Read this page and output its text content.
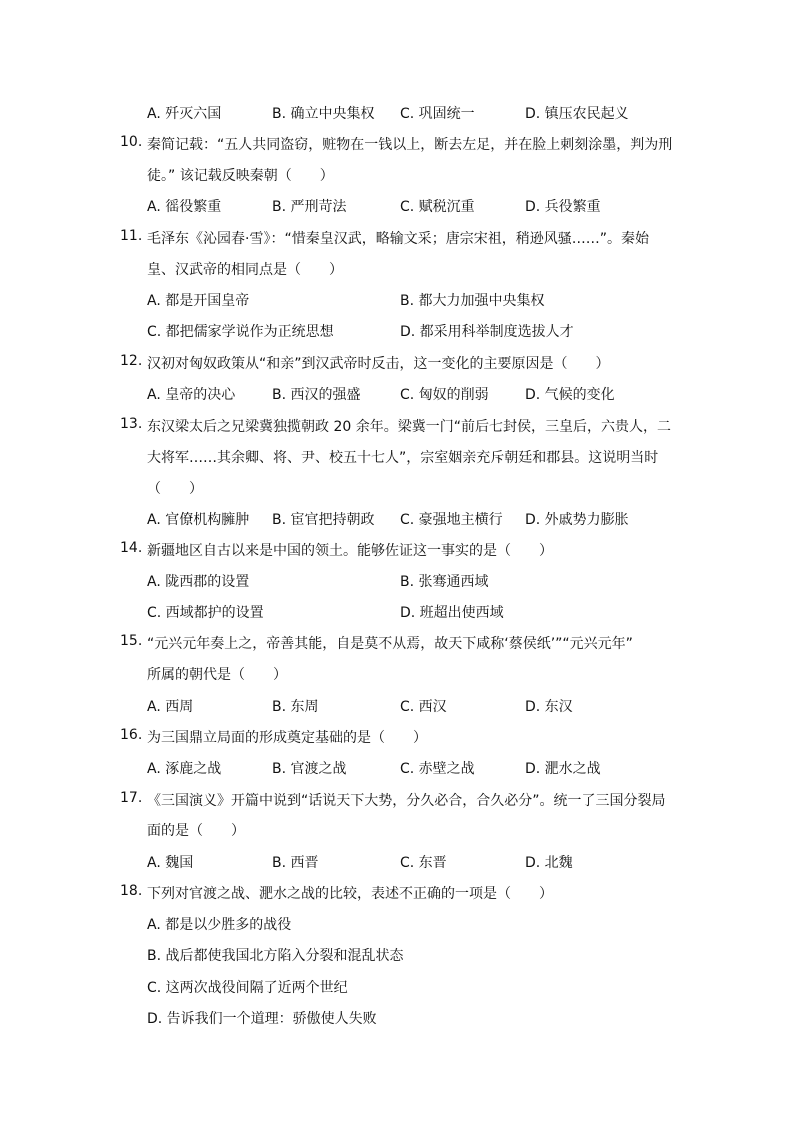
A. 歼灭六国	B. 确立中央集权 C. 巩固统一	D. 镇压农民起义
10. 秦简记载：“五人共同盗窃，赃物在一钱以上，断去左足，并在脸上刺刻涂墨，判为刑
徒。” 该记载反映秦朝（　　）
A. 徭役繁重	B. 严刑苛法	C. 赋税沉重	D. 兵役繁重
11. 毛泽东《沁园春·雪》：“惜秦皇汉武，略输文采；唐宗宋祖，稍逊风骚……”。秦始
皇、汉武帝的相同点是（　　）
A. 都是开国皇帝	B. 都大力加强中央集权
C. 都把儒家学说作为正统思想	D. 都采用科举制度选拔人才
12. 汉初对匈奴政策从“和亲”到汉武帝时反击，这一变化的主要原因是（　　）
A. 皇帝的决心	B. 西汉的强盛	C. 匈奴的削弱	D. 气候的变化
13. 东汉梁太后之兄梁冀独揽朝政 20 余年。梁冀一门“前后七封侯，三皇后，六贵人，二
大将军……其余卿、将、尹、校五十七人”，宗室姻亲充斥朝廷和郡县。这说明当时
（　　）
A. 官僚机构臃肿 B. 宦官把持朝政 C. 豪强地主横行 D. 外戚势力膨胀
14. 新疆地区自古以来是中国的领土。能够佐证这一事实的是（　　）
A. 陇西郡的设置	B. 张骞通西域
C. 西域都护的设置	D. 班超出使西域
15. “元兴元年奏上之，帝善其能，自是莫不从焉，故天下咸称‘蔡侯纸’”“元兴元年”
所属的朝代是（　　）
A. 西周	B. 东周	C. 西汉	D. 东汉
16. 为三国鼎立局面的形成奠定基础的是（　　）
A. 涿鹿之战	B. 官渡之战	C. 赤壁之战	D. 淝水之战
17. 《三国演义》开篇中说到“话说天下大势，分久必合，合久必分”。统一了三国分裂局
面的是（　　）
A. 魏国	B. 西晋	C. 东晋	D. 北魏
18. 下列对官渡之战、淝水之战的比较，表述不正确的一项是（　　）
A. 都是以少胜多的战役
B. 战后都使我国北方陷入分裂和混乱状态
C. 这两次战役间隔了近两个世纪
D. 告诉我们一个道理：骄傲使人失败
